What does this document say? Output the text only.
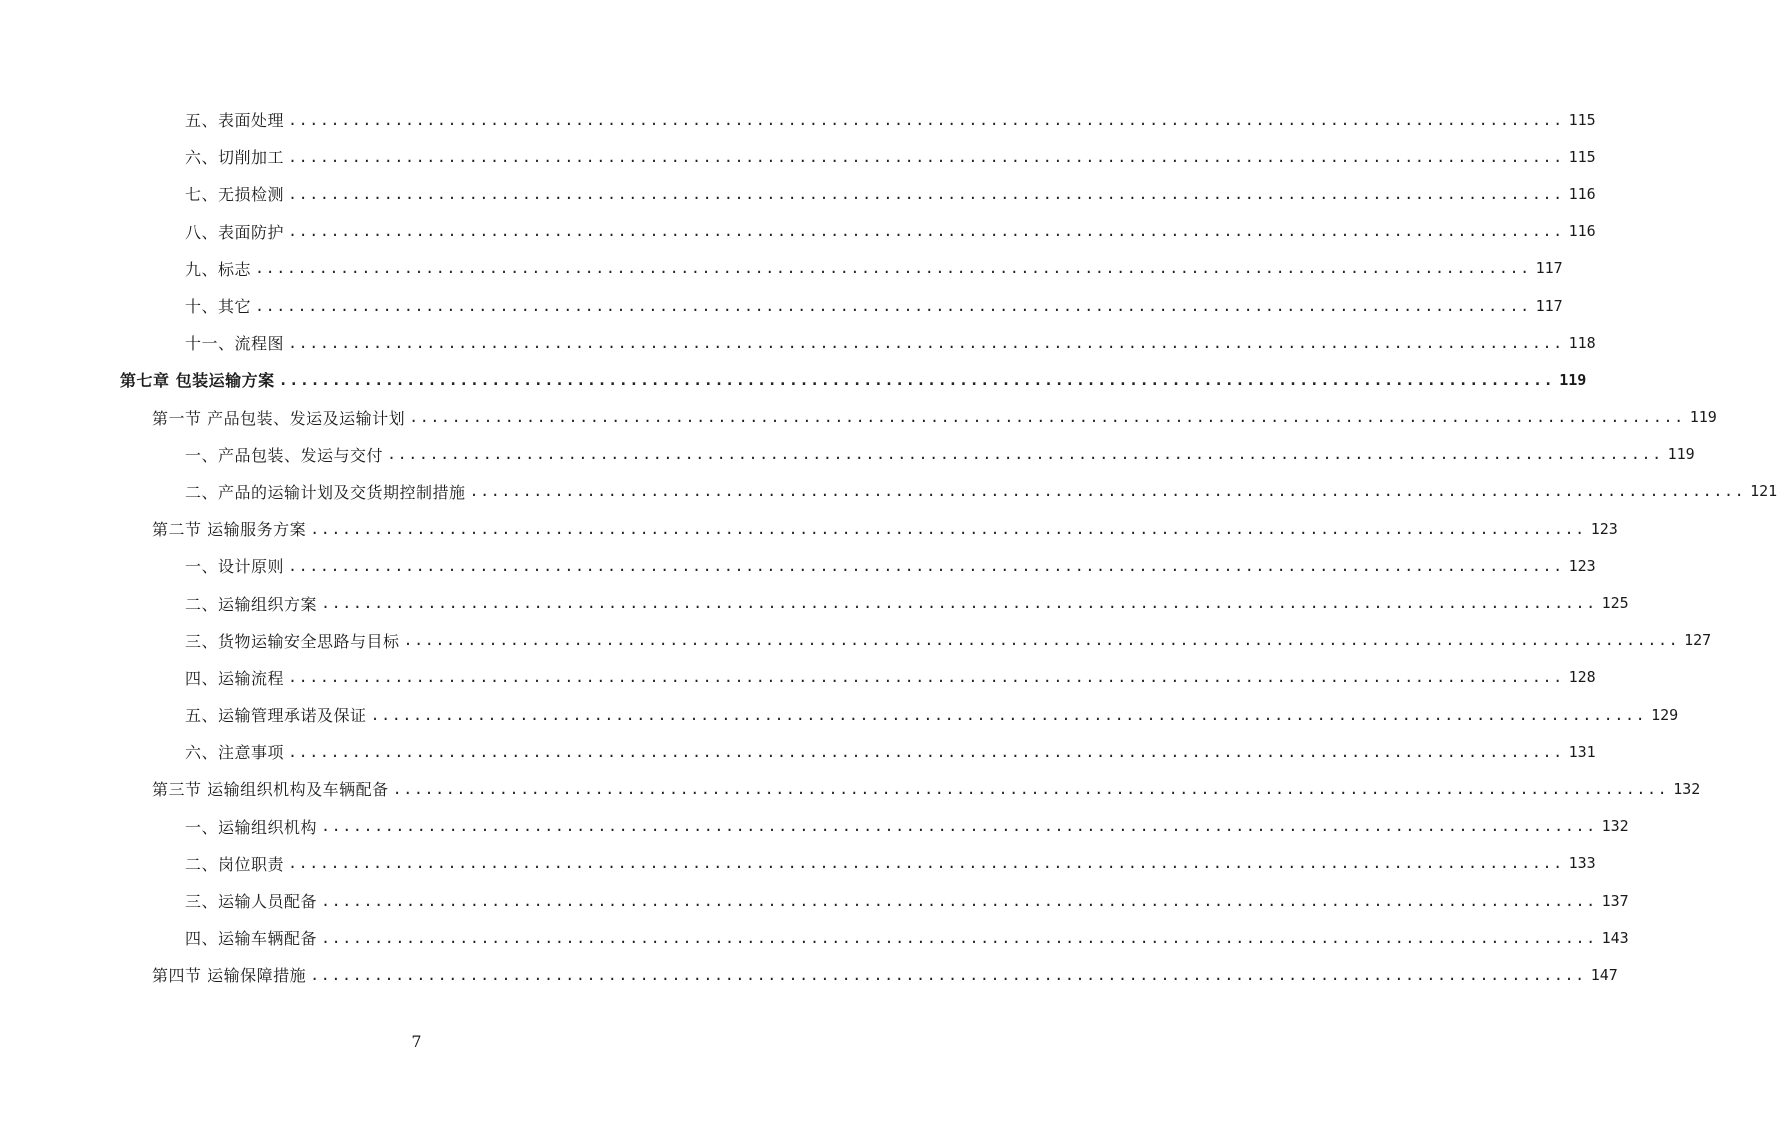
五、表面处理 ........................................................................................................................ 115
六、切削加工 ........................................................................................................................ 115
七、无损检测 ........................................................................................................................ 116
八、表面防护 ........................................................................................................................ 116
九、标志 ........................................................................................................................ 117
十、其它 ........................................................................................................................ 117
十一、流程图 ........................................................................................................................ 118
第七章 包装运输方案 ........................................................................................................................ 119
第一节 产品包装、发运及运输计划 ........................................................................................................................ 119
一、产品包装、发运与交付 ........................................................................................................................ 119
二、产品的运输计划及交货期控制措施 ........................................................................................................................ 121
第二节 运输服务方案 ........................................................................................................................ 123
一、设计原则 ........................................................................................................................ 123
二、运输组织方案 ........................................................................................................................ 125
三、货物运输安全思路与目标 ........................................................................................................................ 127
四、运输流程 ........................................................................................................................ 128
五、运输管理承诺及保证 ........................................................................................................................ 129
六、注意事项 ........................................................................................................................ 131
第三节 运输组织机构及车辆配备 ........................................................................................................................ 132
一、运输组织机构 ........................................................................................................................ 132
二、岗位职责 ........................................................................................................................ 133
三、运输人员配备 ........................................................................................................................ 137
四、运输车辆配备 ........................................................................................................................ 143
第四节 运输保障措施 ........................................................................................................................ 147
7
